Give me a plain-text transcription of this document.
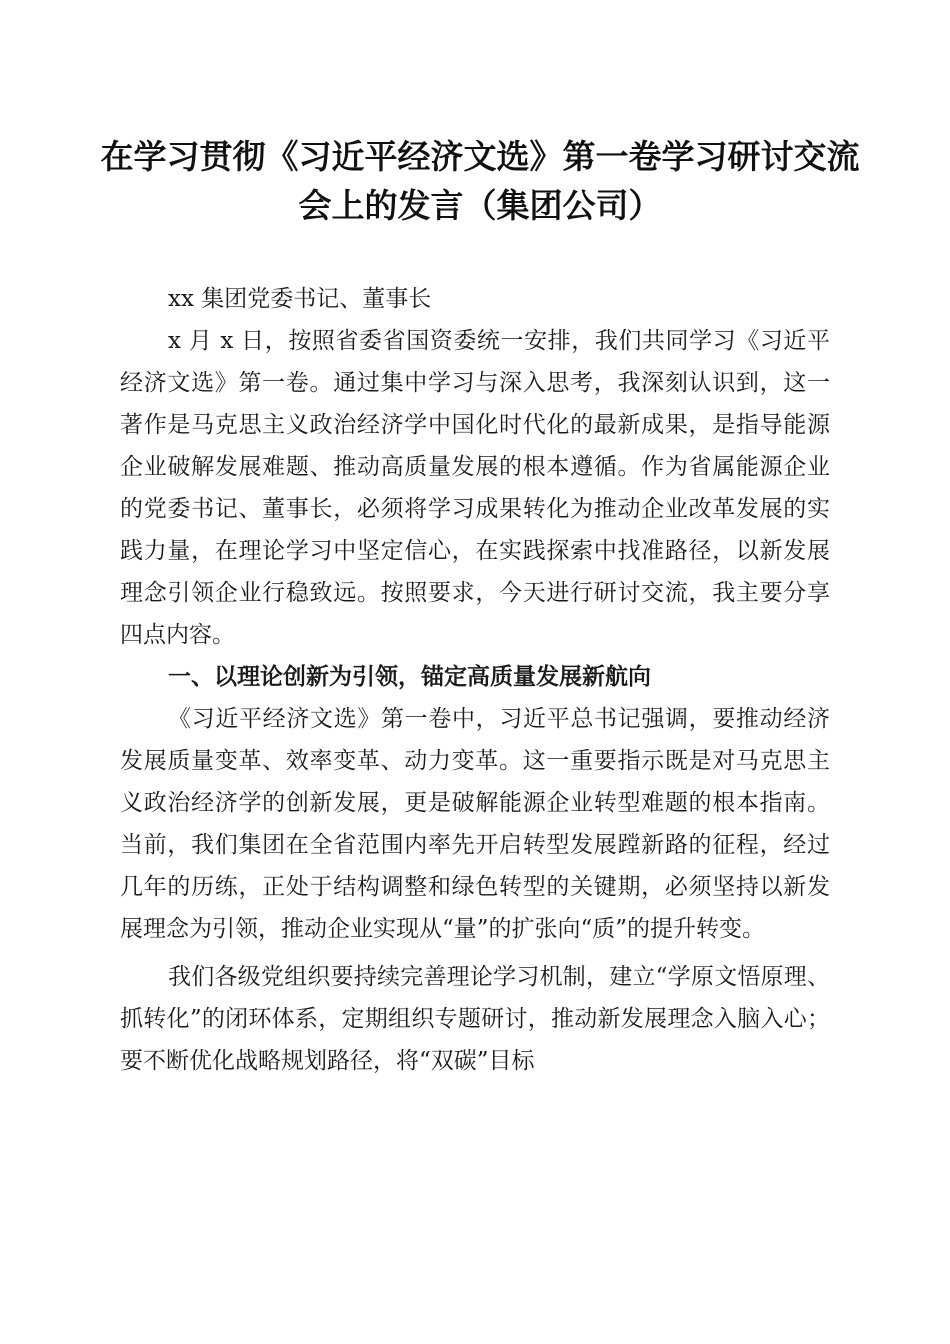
在学习贯彻《习近平经济文选》第一卷学习研讨交流会上的发言（集团公司）

xx 集团党委书记、董事长

x 月 x 日，按照省委省国资委统一安排，我们共同学习《习近平经济文选》第一卷。通过集中学习与深入思考，我深刻认识到，这一著作是马克思主义政治经济学中国化时代化的最新成果，是指导能源企业破解发展难题、推动高质量发展的根本遵循。作为省属能源企业的党委书记、董事长，必须将学习成果转化为推动企业改革发展的实践力量，在理论学习中坚定信心，在实践探索中找准路径，以新发展理念引领企业行稳致远。按照要求，今天进行研讨交流，我主要分享四点内容。

一、以理论创新为引领，锚定高质量发展新航向

《习近平经济文选》第一卷中，习近平总书记强调，要推动经济发展质量变革、效率变革、动力变革。这一重要指示既是对马克思主义政治经济学的创新发展，更是破解能源企业转型难题的根本指南。当前，我们集团在全省范围内率先开启转型发展蹚新路的征程，经过几年的历练，正处于结构调整和绿色转型的关键期，必须坚持以新发展理念为引领，推动企业实现从“量”的扩张向“质”的提升转变。

我们各级党组织要持续完善理论学习机制，建立“学原文悟原理、抓转化”的闭环体系，定期组织专题研讨，推动新发展理念入脑入心；要不断优化战略规划路径，将“双碳”目标
